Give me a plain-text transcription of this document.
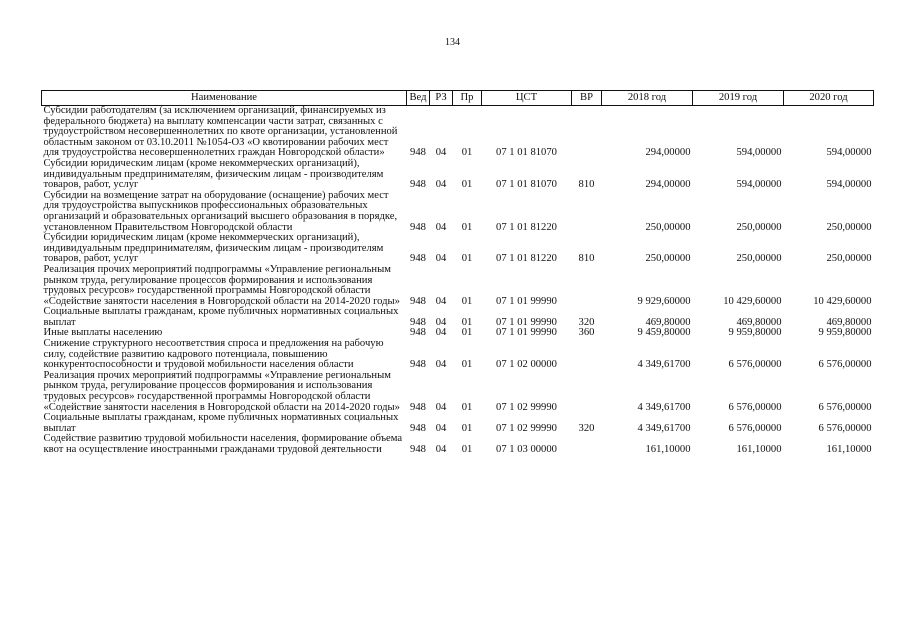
134
Наименование	Вед	РЗ	Пр	ЦСТ	ВР	2018 год	2019 год	2020 год
Субсидии работодателям (за исключением организаций, финансируемых из федерального бюджета) на выплату компенсации части затрат, связанных с трудоустройством несовершеннолетних по квоте организации, установленной областным законом от 03.10.2011 №1054-ОЗ «О квотировании рабочих мест для трудоустройства несовершеннолетних граждан Новгородской области»	948	04	01	07 1 01 81070		294,00000	594,00000	594,00000
Субсидии юридическим лицам (кроме некоммерческих организаций), индивидуальным предпринимателям, физическим лицам - производителям товаров, работ, услуг	948	04	01	07 1 01 81070	810	294,00000	594,00000	594,00000
Субсидии на возмещение затрат на оборудование (оснащение) рабочих мест для трудоустройства выпускников профессиональных образовательных организаций и образовательных организаций высшего образования в порядке, установленном Правительством Новгородской области	948	04	01	07 1 01 81220		250,00000	250,00000	250,00000
Субсидии юридическим лицам (кроме некоммерческих организаций), индивидуальным предпринимателям, физическим лицам - производителям товаров, работ, услуг	948	04	01	07 1 01 81220	810	250,00000	250,00000	250,00000
Реализация прочих мероприятий подпрограммы «Управление региональным рынком труда, регулирование процессов формирования и использования трудовых ресурсов» государственной программы Новгородской области «Содействие занятости населения в Новгородской области на 2014-2020 годы»	948	04	01	07 1 01 99990		9 929,60000	10 429,60000	10 429,60000
Социальные выплаты гражданам, кроме публичных нормативных социальных выплат	948	04	01	07 1 01 99990	320	469,80000	469,80000	469,80000
Иные выплаты населению	948	04	01	07 1 01 99990	360	9 459,80000	9 959,80000	9 959,80000
Снижение структурного несоответствия спроса и предложения на рабочую силу, содействие развитию кадрового потенциала, повышению конкурентоспособности и трудовой мобильности населения области	948	04	01	07 1 02 00000		4 349,61700	6 576,00000	6 576,00000
Реализация прочих мероприятий подпрограммы «Управление региональным рынком труда, регулирование процессов формирования и использования трудовых ресурсов» государственной программы Новгородской области «Содействие занятости населения в Новгородской области на 2014-2020 годы»	948	04	01	07 1 02 99990		4 349,61700	6 576,00000	6 576,00000
Социальные выплаты гражданам, кроме публичных нормативных социальных выплат	948	04	01	07 1 02 99990	320	4 349,61700	6 576,00000	6 576,00000
Содействие развитию трудовой мобильности населения, формирование объема квот на осуществление иностранными гражданами трудовой деятельности	948	04	01	07 1 03 00000		161,10000	161,10000	161,10000
